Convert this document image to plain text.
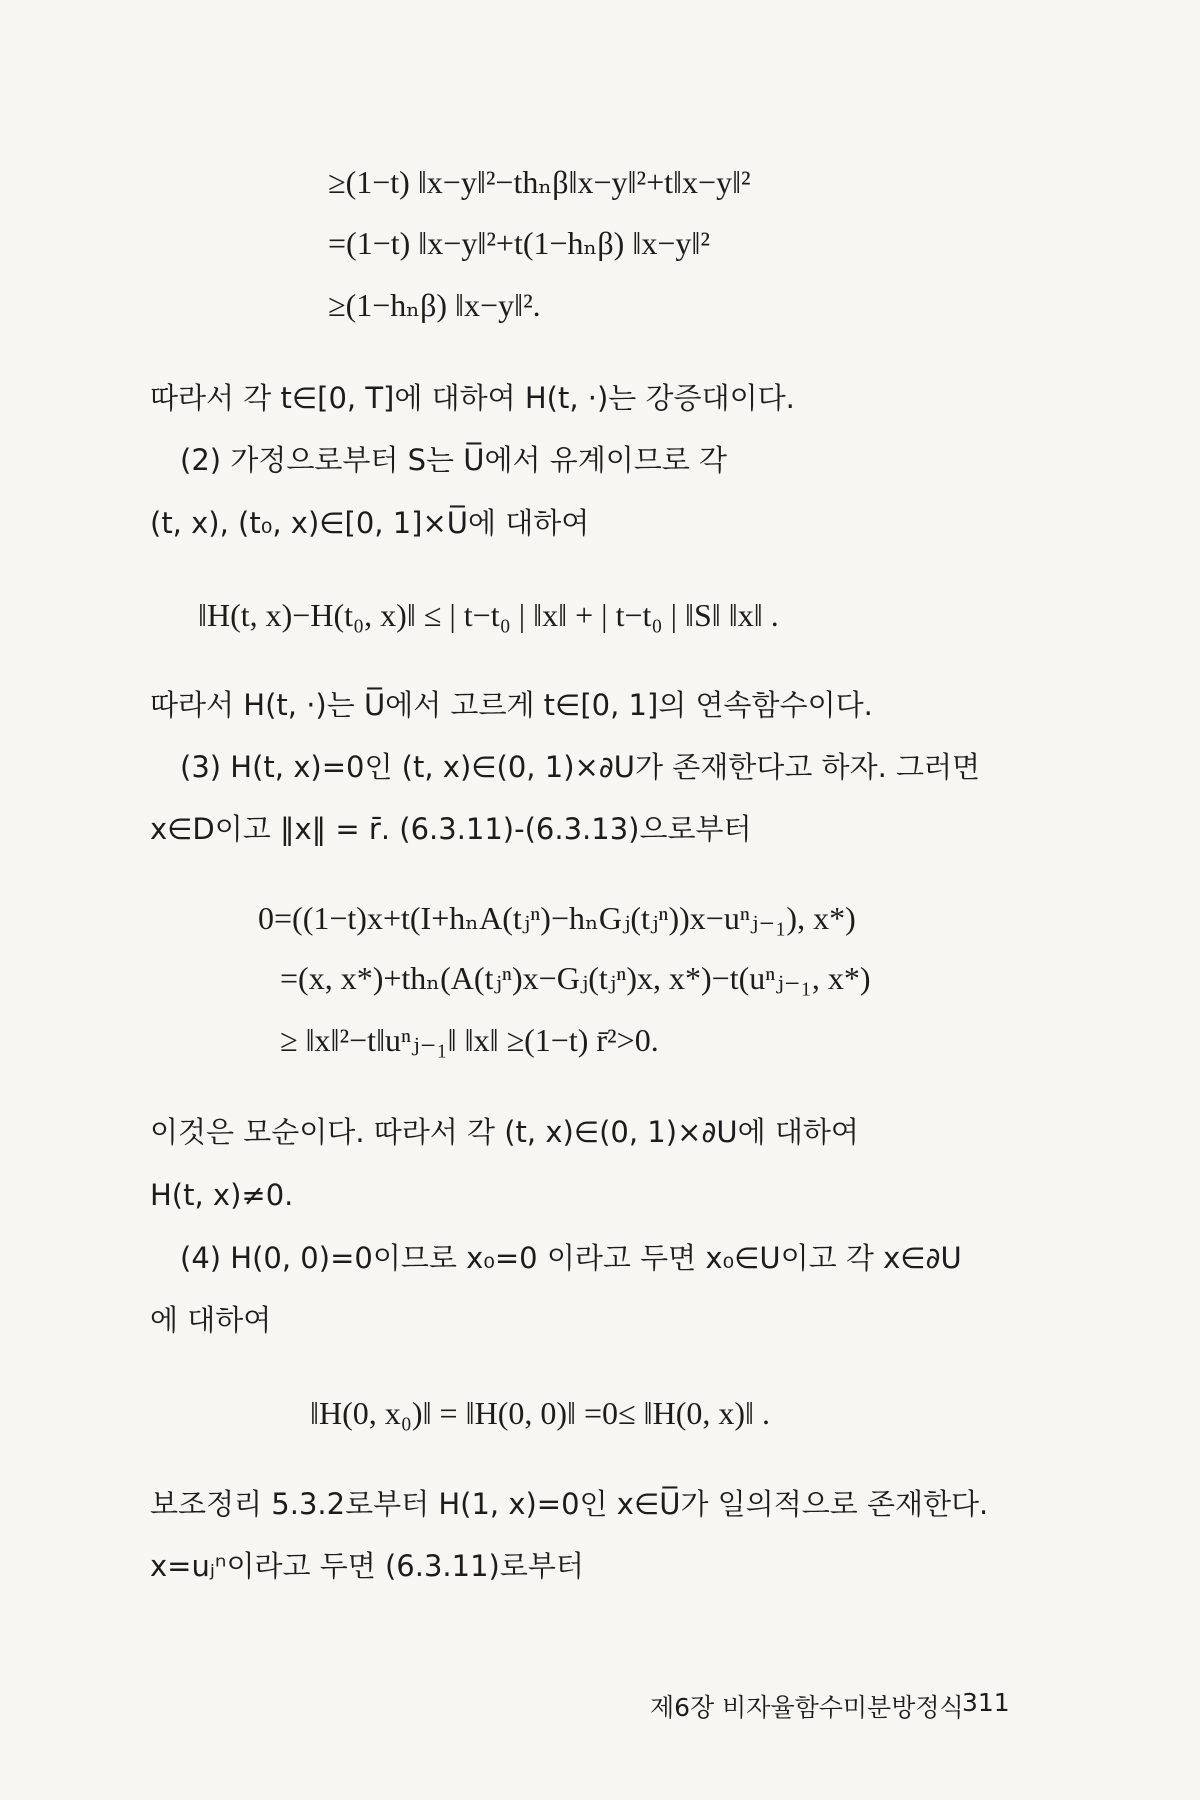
≥(1−t) ‖x−y‖²−thₙβ‖x−y‖²+t‖x−y‖²
=(1−t) ‖x−y‖²+t(1−hₙβ) ‖x−y‖²
≥(1−hₙβ) ‖x−y‖².
따라서 각 t∈[0, T]에 대하여 H(t, ·)는 강증대이다.
(2) 가정으로부터 S는 U̅에서 유계이므로 각
(t, x), (t₀, x)∈[0, 1]×U̅에 대하여
‖H(t, x)−H(t₀, x)‖ ≤ | t−t₀ | ‖x‖ + | t−t₀ | ‖S‖ ‖x‖ .
따라서 H(t, ·)는 U̅에서 고르게 t∈[0, 1]의 연속함수이다.
(3) H(t, x)=0인 (t, x)∈(0, 1)×∂U가 존재한다고 하자. 그러면
x∈D이고 ‖x‖ = r̄. (6.3.11)-(6.3.13)으로부터
0=((1−t)x+t(I+hₙA(tⱼⁿ)−hₙGⱼ(tⱼⁿ))x−uⁿⱼ₋₁), x*)
=(x, x*)+thₙ(A(tⱼⁿ)x−Gⱼ(tⱼⁿ)x, x*)−t(uⁿⱼ₋₁, x*)
≥ ‖x‖²−t‖uⁿⱼ₋₁‖ ‖x‖ ≥(1−t) r̄²>0.
이것은 모순이다. 따라서 각 (t, x)∈(0, 1)×∂U에 대하여
H(t, x)≠0.
(4) H(0, 0)=0이므로 x₀=0 이라고 두면 x₀∈U이고 각 x∈∂U
에 대하여
‖H(0, x₀)‖ = ‖H(0, 0)‖ =0≤ ‖H(0, x)‖ .
보조정리 5.3.2로부터 H(1, x)=0인 x∈U̅가 일의적으로 존재한다.
x=uⱼⁿ이라고 두면 (6.3.11)로부터
제6장 비자율함수미분방정식
311
